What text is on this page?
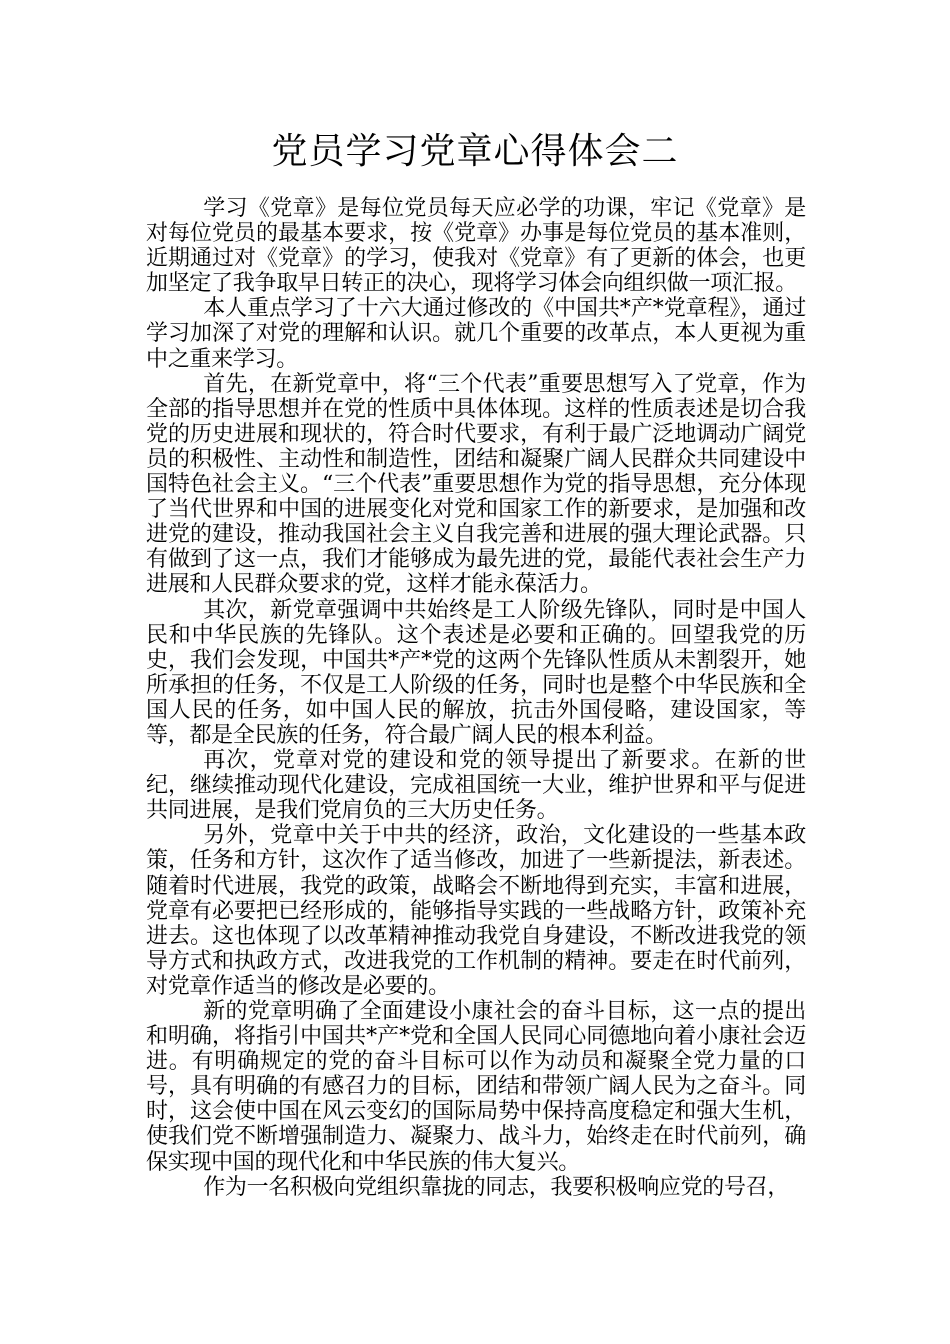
党员学习党章心得体会二

学习《党章》是每位党员每天应必学的功课，牢记《党章》是对每位党员的最基本要求，按《党章》办事是每位党员的基本准则，近期通过对《党章》的学习，使我对《党章》有了更新的体会，也更加坚定了我争取早日转正的决心，现将学习体会向组织做一项汇报。

本人重点学习了十六大通过修改的《中国共*产*党章程》，通过学习加深了对党的理解和认识。就几个重要的改革点，本人更视为重中之重来学习。

首先，在新党章中，将“三个代表”重要思想写入了党章，作为全部的指导思想并在党的性质中具体体现。这样的性质表述是切合我党的历史进展和现状的，符合时代要求，有利于最广泛地调动广阔党员的积极性、主动性和制造性，团结和凝聚广阔人民群众共同建设中国特色社会主义。“三个代表”重要思想作为党的指导思想，充分体现了当代世界和中国的进展变化对党和国家工作的新要求，是加强和改进党的建设，推动我国社会主义自我完善和进展的强大理论武器。只有做到了这一点，我们才能够成为最先进的党，最能代表社会生产力进展和人民群众要求的党，这样才能永葆活力。

其次，新党章强调中共始终是工人阶级先锋队，同时是中国人民和中华民族的先锋队。这个表述是必要和正确的。回望我党的历史，我们会发现，中国共*产*党的这两个先锋队性质从未割裂开，她所承担的任务，不仅是工人阶级的任务，同时也是整个中华民族和全国人民的任务，如中国人民的解放，抗击外国侵略，建设国家，等等，都是全民族的任务，符合最广阔人民的根本利益。

再次，党章对党的建设和党的领导提出了新要求。在新的世纪，继续推动现代化建设，完成祖国统一大业，维护世界和平与促进共同进展，是我们党肩负的三大历史任务。

另外，党章中关于中共的经济，政治，文化建设的一些基本政策，任务和方针，这次作了适当修改，加进了一些新提法，新表述。随着时代进展，我党的政策，战略会不断地得到充实，丰富和进展，党章有必要把已经形成的，能够指导实践的一些战略方针，政策补充进去。这也体现了以改革精神推动我党自身建设，不断改进我党的领导方式和执政方式，改进我党的工作机制的精神。要走在时代前列，对党章作适当的修改是必要的。

新的党章明确了全面建设小康社会的奋斗目标，这一点的提出和明确，将指引中国共*产*党和全国人民同心同德地向着小康社会迈进。有明确规定的党的奋斗目标可以作为动员和凝聚全党力量的口号，具有明确的有感召力的目标，团结和带领广阔人民为之奋斗。同时，这会使中国在风云变幻的国际局势中保持高度稳定和强大生机，使我们党不断增强制造力、凝聚力、战斗力，始终走在时代前列，确保实现中国的现代化和中华民族的伟大复兴。

作为一名积极向党组织靠拢的同志，我要积极响应党的号召，
